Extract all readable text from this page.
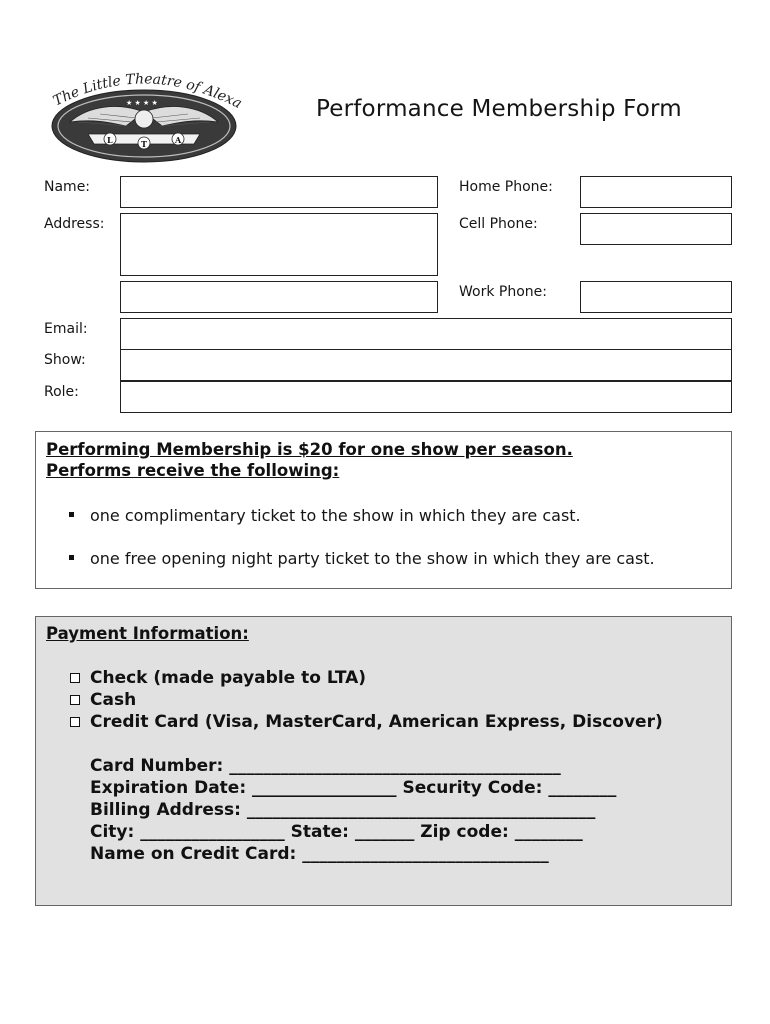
★ ★ ★ ★
L	T	A
The Little Theatre of Alexa	Performance Membership Form
Name:	Home Phone:
Address:	Cell Phone:
Work Phone:
Email:
Show:
Role:
Performing Membership is $20 for one show per season.
Performs receive the following:
one complimentary ticket to the show in which they are cast.
one free opening night party ticket to the show in which they are cast.
Payment Information:
Check (made payable to LTA)
Cash
Credit Card (Visa, MasterCard, American Express, Discover)
Card Number: _______________________________________
Expiration Date: _________________ Security Code: ________
Billing Address: _________________________________________
City: _________________ State: _______ Zip code: ________
Name on Credit Card: _____________________________
